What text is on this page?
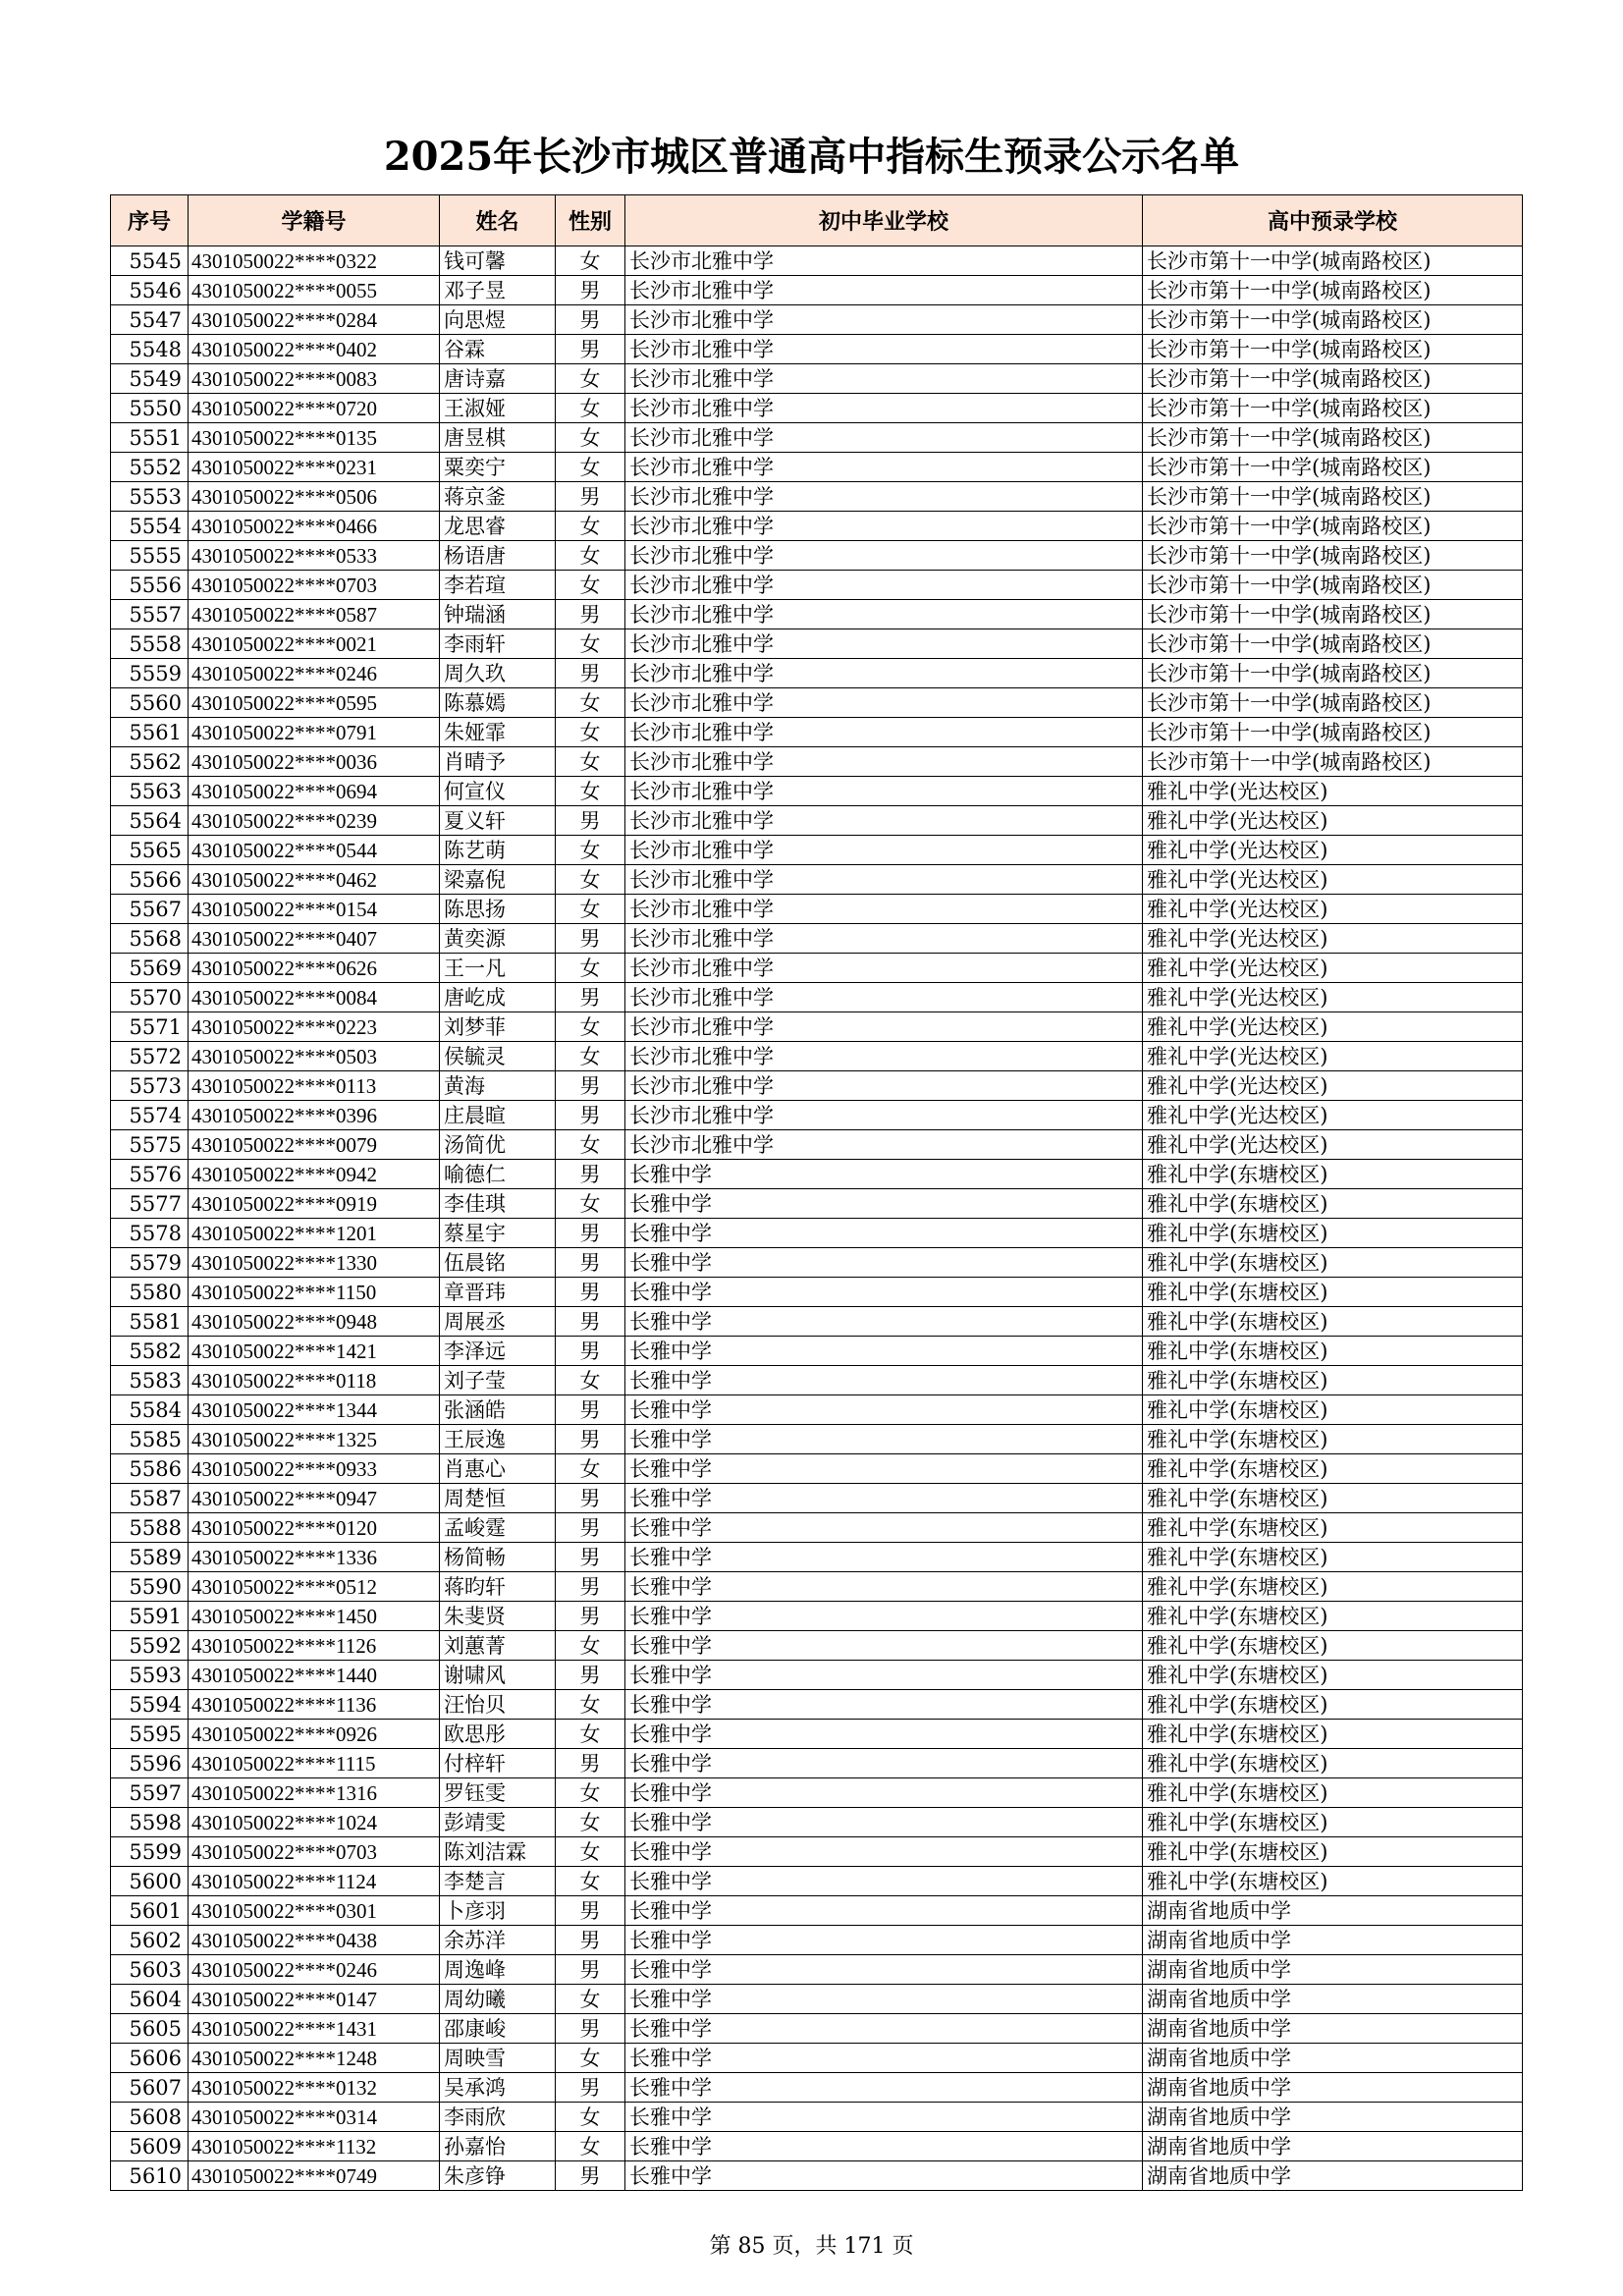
2025年长沙市城区普通高中指标生预录公示名单
序号	学籍号	姓名	性别	初中毕业学校	高中预录学校
5545	4301050022****0322	钱可馨	女	长沙市北雅中学	长沙市第十一中学(城南路校区)
5546	4301050022****0055	邓子昱	男	长沙市北雅中学	长沙市第十一中学(城南路校区)
5547	4301050022****0284	向思煜	男	长沙市北雅中学	长沙市第十一中学(城南路校区)
5548	4301050022****0402	谷霖	男	长沙市北雅中学	长沙市第十一中学(城南路校区)
5549	4301050022****0083	唐诗嘉	女	长沙市北雅中学	长沙市第十一中学(城南路校区)
5550	4301050022****0720	王淑娅	女	长沙市北雅中学	长沙市第十一中学(城南路校区)
5551	4301050022****0135	唐昱棋	女	长沙市北雅中学	长沙市第十一中学(城南路校区)
5552	4301050022****0231	粟奕宁	女	长沙市北雅中学	长沙市第十一中学(城南路校区)
5553	4301050022****0506	蒋京釜	男	长沙市北雅中学	长沙市第十一中学(城南路校区)
5554	4301050022****0466	龙思睿	女	长沙市北雅中学	长沙市第十一中学(城南路校区)
5555	4301050022****0533	杨语唐	女	长沙市北雅中学	长沙市第十一中学(城南路校区)
5556	4301050022****0703	李若瑄	女	长沙市北雅中学	长沙市第十一中学(城南路校区)
5557	4301050022****0587	钟瑞涵	男	长沙市北雅中学	长沙市第十一中学(城南路校区)
5558	4301050022****0021	李雨轩	女	长沙市北雅中学	长沙市第十一中学(城南路校区)
5559	4301050022****0246	周久玖	男	长沙市北雅中学	长沙市第十一中学(城南路校区)
5560	4301050022****0595	陈慕嫣	女	长沙市北雅中学	长沙市第十一中学(城南路校区)
5561	4301050022****0791	朱娅霏	女	长沙市北雅中学	长沙市第十一中学(城南路校区)
5562	4301050022****0036	肖晴予	女	长沙市北雅中学	长沙市第十一中学(城南路校区)
5563	4301050022****0694	何宣仪	女	长沙市北雅中学	雅礼中学(光达校区)
5564	4301050022****0239	夏义轩	男	长沙市北雅中学	雅礼中学(光达校区)
5565	4301050022****0544	陈艺萌	女	长沙市北雅中学	雅礼中学(光达校区)
5566	4301050022****0462	梁嘉倪	女	长沙市北雅中学	雅礼中学(光达校区)
5567	4301050022****0154	陈思扬	女	长沙市北雅中学	雅礼中学(光达校区)
5568	4301050022****0407	黄奕源	男	长沙市北雅中学	雅礼中学(光达校区)
5569	4301050022****0626	王一凡	女	长沙市北雅中学	雅礼中学(光达校区)
5570	4301050022****0084	唐屹成	男	长沙市北雅中学	雅礼中学(光达校区)
5571	4301050022****0223	刘梦菲	女	长沙市北雅中学	雅礼中学(光达校区)
5572	4301050022****0503	侯毓灵	女	长沙市北雅中学	雅礼中学(光达校区)
5573	4301050022****0113	黄海	男	长沙市北雅中学	雅礼中学(光达校区)
5574	4301050022****0396	庄晨暄	男	长沙市北雅中学	雅礼中学(光达校区)
5575	4301050022****0079	汤简优	女	长沙市北雅中学	雅礼中学(光达校区)
5576	4301050022****0942	喻德仁	男	长雅中学	雅礼中学(东塘校区)
5577	4301050022****0919	李佳琪	女	长雅中学	雅礼中学(东塘校区)
5578	4301050022****1201	蔡星宇	男	长雅中学	雅礼中学(东塘校区)
5579	4301050022****1330	伍晨铭	男	长雅中学	雅礼中学(东塘校区)
5580	4301050022****1150	章晋玮	男	长雅中学	雅礼中学(东塘校区)
5581	4301050022****0948	周展丞	男	长雅中学	雅礼中学(东塘校区)
5582	4301050022****1421	李泽远	男	长雅中学	雅礼中学(东塘校区)
5583	4301050022****0118	刘子莹	女	长雅中学	雅礼中学(东塘校区)
5584	4301050022****1344	张涵皓	男	长雅中学	雅礼中学(东塘校区)
5585	4301050022****1325	王辰逸	男	长雅中学	雅礼中学(东塘校区)
5586	4301050022****0933	肖惠心	女	长雅中学	雅礼中学(东塘校区)
5587	4301050022****0947	周楚恒	男	长雅中学	雅礼中学(东塘校区)
5588	4301050022****0120	孟峻霆	男	长雅中学	雅礼中学(东塘校区)
5589	4301050022****1336	杨简畅	男	长雅中学	雅礼中学(东塘校区)
5590	4301050022****0512	蒋昀轩	男	长雅中学	雅礼中学(东塘校区)
5591	4301050022****1450	朱斐贤	男	长雅中学	雅礼中学(东塘校区)
5592	4301050022****1126	刘蕙菁	女	长雅中学	雅礼中学(东塘校区)
5593	4301050022****1440	谢啸风	男	长雅中学	雅礼中学(东塘校区)
5594	4301050022****1136	汪怡贝	女	长雅中学	雅礼中学(东塘校区)
5595	4301050022****0926	欧思彤	女	长雅中学	雅礼中学(东塘校区)
5596	4301050022****1115	付梓轩	男	长雅中学	雅礼中学(东塘校区)
5597	4301050022****1316	罗钰雯	女	长雅中学	雅礼中学(东塘校区)
5598	4301050022****1024	彭靖雯	女	长雅中学	雅礼中学(东塘校区)
5599	4301050022****0703	陈刘洁霖	女	长雅中学	雅礼中学(东塘校区)
5600	4301050022****1124	李楚言	女	长雅中学	雅礼中学(东塘校区)
5601	4301050022****0301	卜彦羽	男	长雅中学	湖南省地质中学
5602	4301050022****0438	余苏洋	男	长雅中学	湖南省地质中学
5603	4301050022****0246	周逸峰	男	长雅中学	湖南省地质中学
5604	4301050022****0147	周幼曦	女	长雅中学	湖南省地质中学
5605	4301050022****1431	邵康峻	男	长雅中学	湖南省地质中学
5606	4301050022****1248	周映雪	女	长雅中学	湖南省地质中学
5607	4301050022****0132	吴承鸿	男	长雅中学	湖南省地质中学
5608	4301050022****0314	李雨欣	女	长雅中学	湖南省地质中学
5609	4301050022****1132	孙嘉怡	女	长雅中学	湖南省地质中学
5610	4301050022****0749	朱彦铮	男	长雅中学	湖南省地质中学
第 85 页，共 171 页
